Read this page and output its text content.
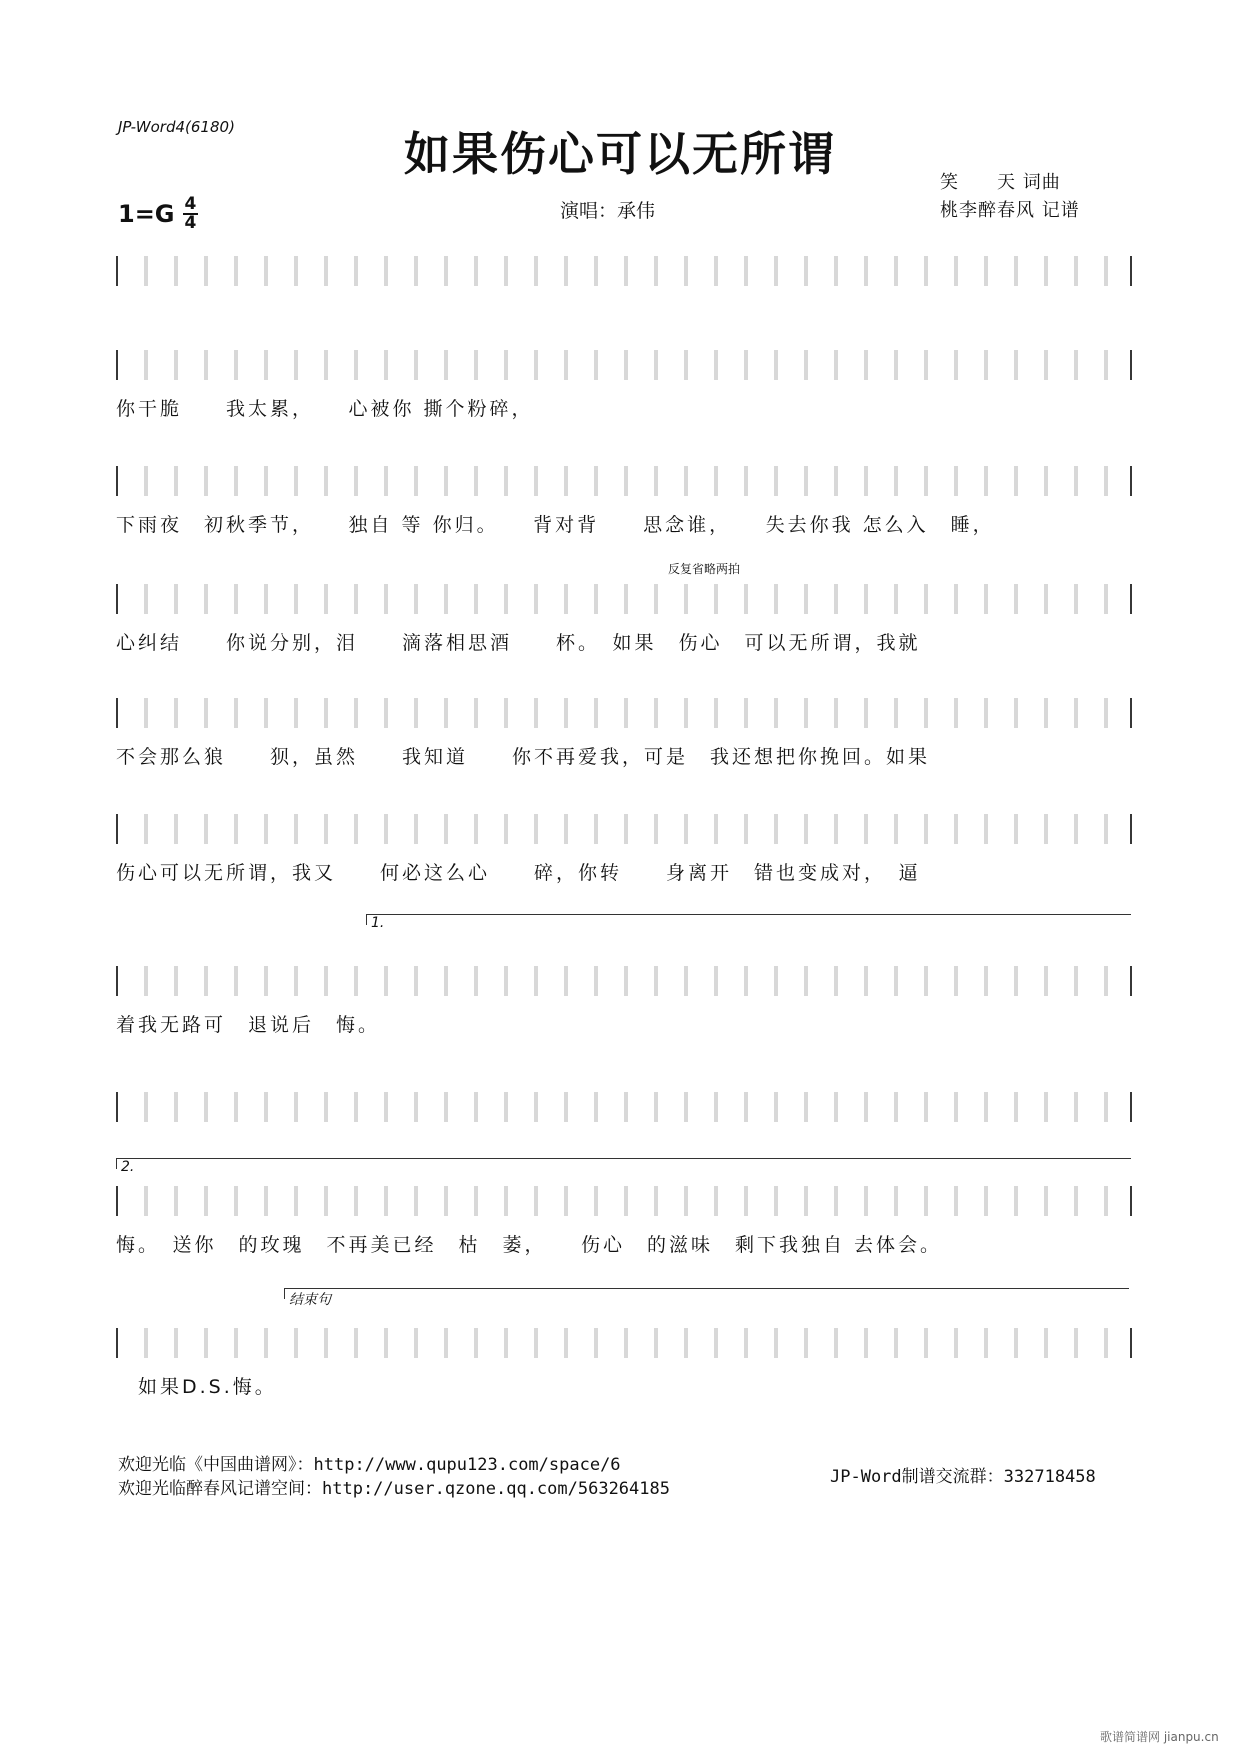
JP-Word4(6180)	如果伤心可以无所谓
$1=G \frac{4}{4}$	演唱：承伟
笑　　天 词曲
桃李醉春风 记谱
你干脆　　我太累，　　心被你 撕个粉碎，
下雨夜　初秋季节，　　独自 等 你归。　　背对背　　思念谁，　　失去你我 怎么入　睡，
反复省略两拍
心纠结　　你说分别，泪　　滴落相思酒　　杯。　如果　伤心　可以无所谓，我就
不会那么狼　　狈，虽然　　我知道　　你不再爱我，可是　我还想把你挽回。如果
伤心可以无所谓，我又　　何必这么心　　碎，你转　　身离开　错也变成对，　逼
1.
着我无路可　退说后　悔。
2.
悔。　送你　的玫瑰　不再美已经　枯　萎，　　伤心　的滋味　剩下我独自 去体会。
结束句
　如果D.S.悔。
欢迎光临《中国曲谱网》：http://www.qupu123.com/space/6
欢迎光临醉春风记谱空间：http://user.qzone.qq.com/563264185
JP-Word制谱交流群：332718458
歌谱简谱网 jianpu.cn
